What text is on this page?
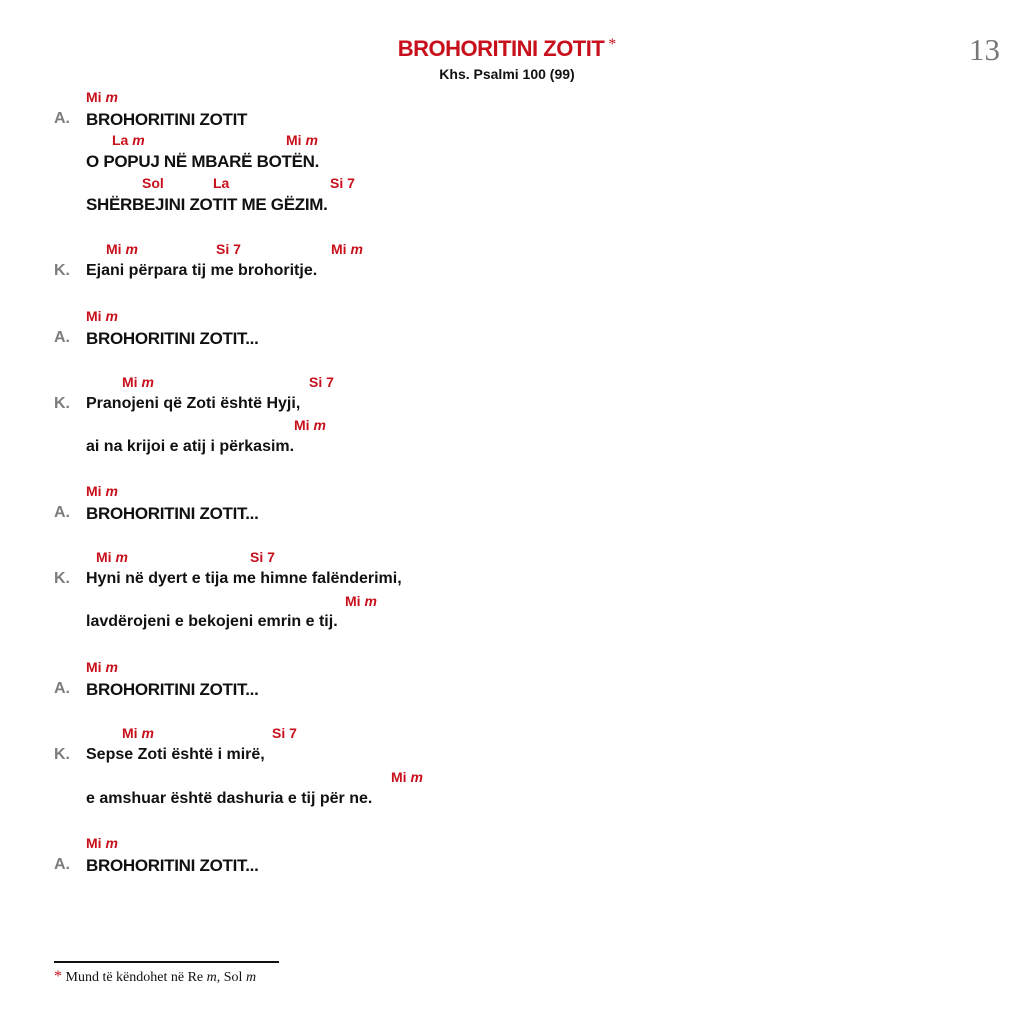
13
BROHORITINI ZOTIT *
Khs. Psalmi 100 (99)
Mi m
A. BROHORITINI ZOTIT
La m	Mi m
O POPUJ NË MBARË BOTËN.
Sol	La	Si 7
SHËRBEJINI ZOTIT ME GËZIM.
Mi m	Si 7	Mi m
K. Ejani përpara tij me brohoritje.
Mi m
A. BROHORITINI ZOTIT...
Mi m	Si 7
K. Pranojeni që Zoti është Hyji,
Mi m
ai na krijoi e atij i përkasim.
Mi m
A. BROHORITINI ZOTIT...
Mi m	Si 7
K. Hyni në dyert e tija me himne falënderimi,
Mi m
lavdërojeni e bekojeni emrin e tij.
Mi m
A. BROHORITINI ZOTIT...
Mi m	Si 7
K. Sepse Zoti është i mirë,
Mi m
e amshuar është dashuria e tij për ne.
Mi m
A. BROHORITINI ZOTIT...
* Mund të këndohet në Re m, Sol m
